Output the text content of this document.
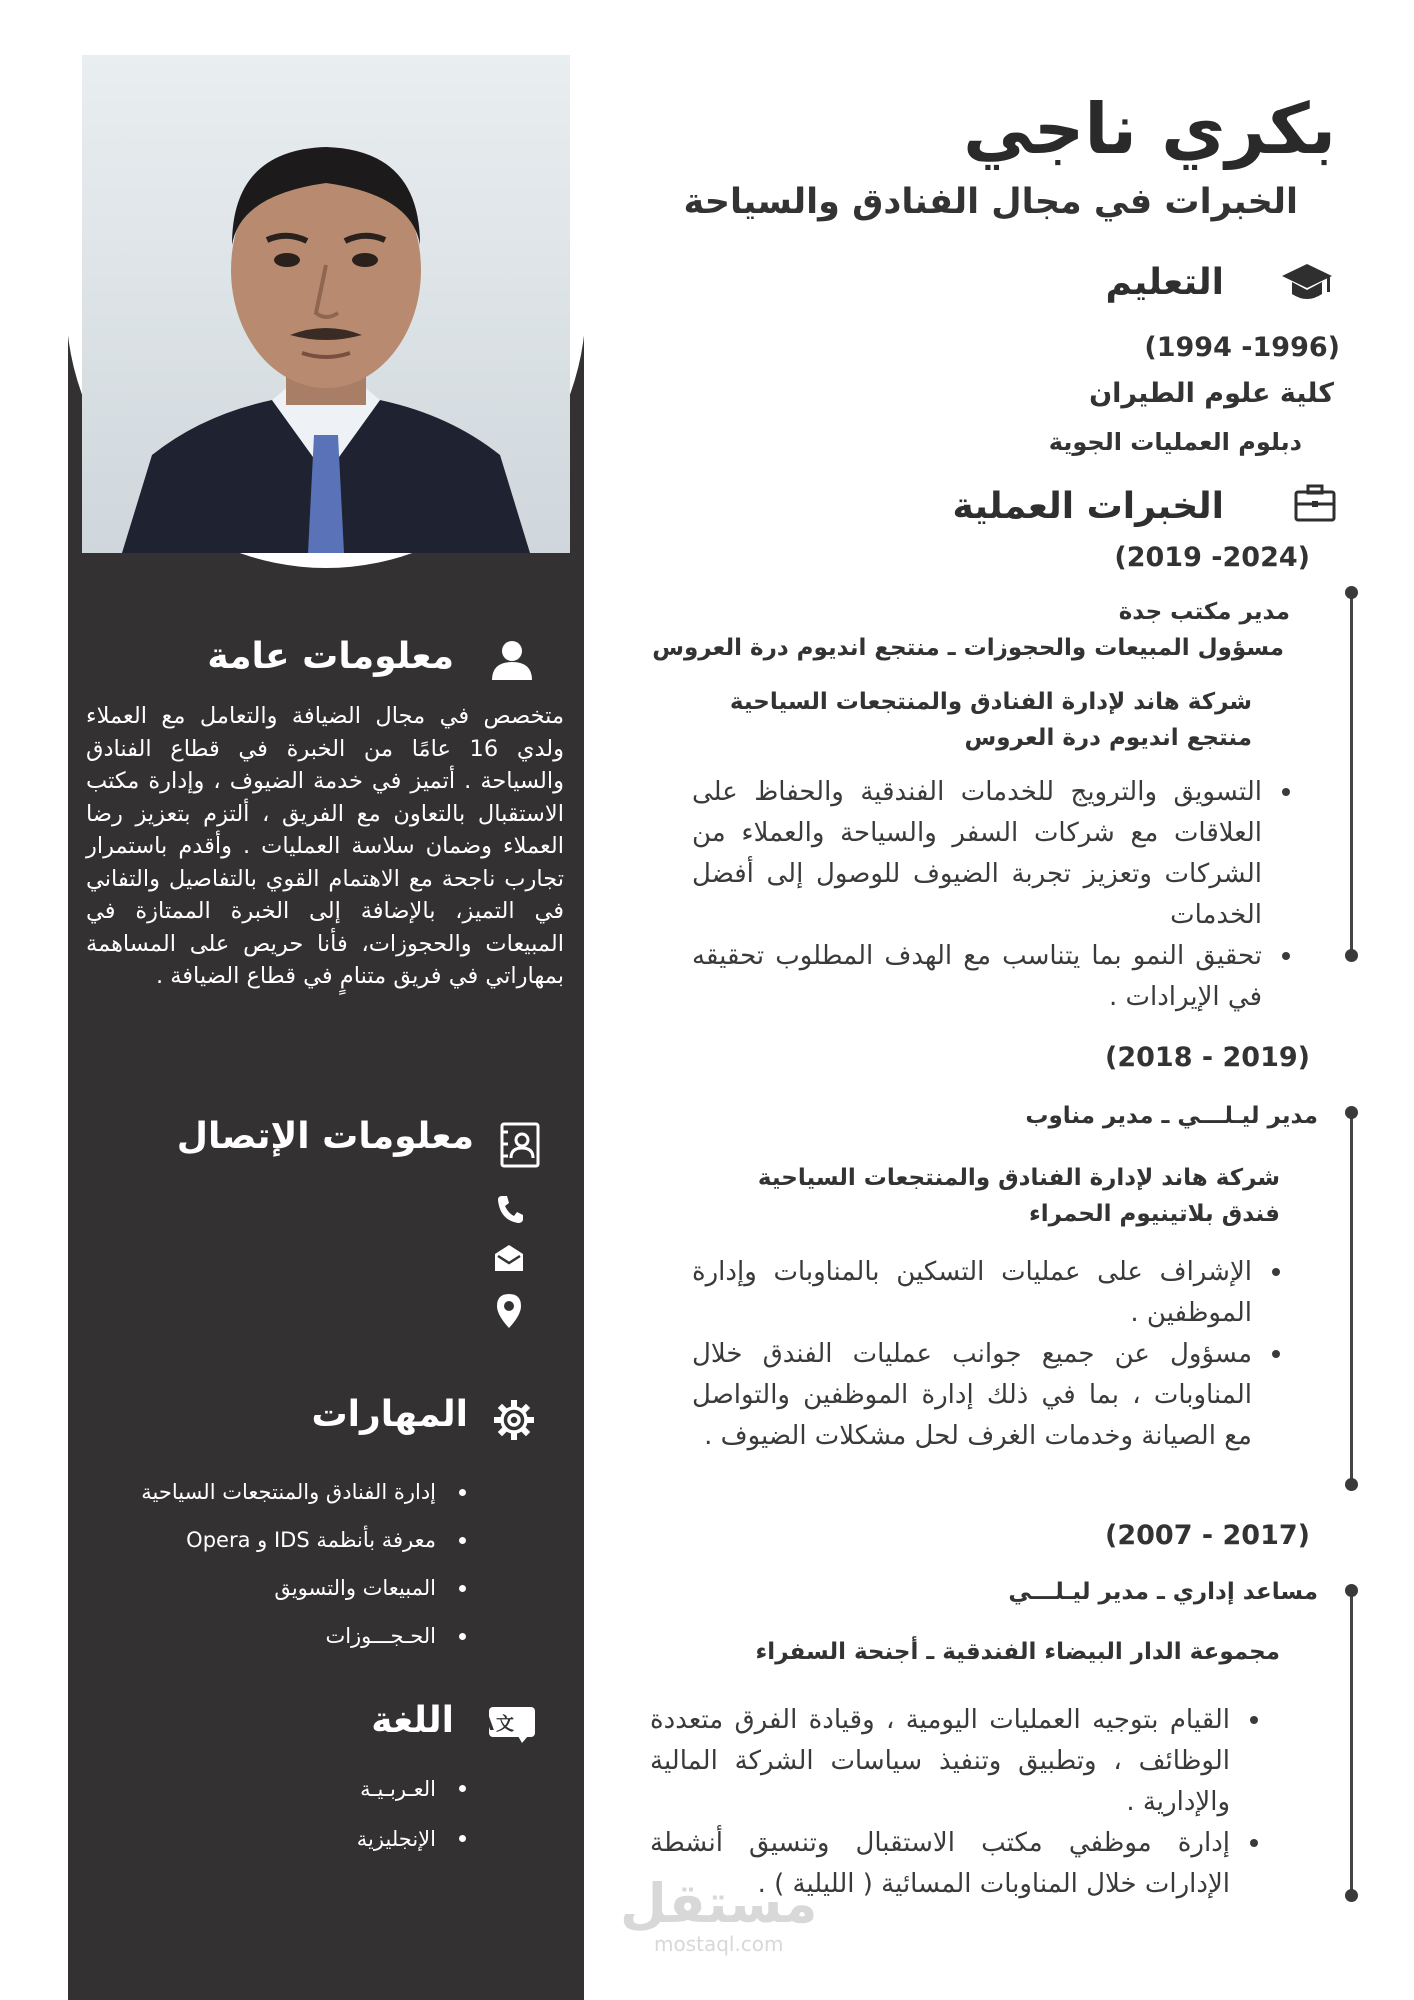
بكري ناجي
الخبرات في مجال الفنادق والسياحة
التعليم
(1996- 1994)
كلية علوم الطيران
دبلوم العمليات الجوية
الخبرات العملية
(2024- 2019)
مدير مكتب جدة
مسؤول المبيعات والحجوزات ـ منتجع انديوم درة العروس
شركة هاند لإدارة الفنادق والمنتجعات السياحية
منتجع انديوم درة العروس
التسويق والترويج للخدمات الفندقية والحفاظ على العلاقات مع شركات السفر والسياحة والعملاء من الشركات وتعزيز تجربة الضيوف للوصول إلى أفضل الخدمات
تحقيق النمو بما يتناسب مع الهدف المطلوب تحقيقه في الإيرادات .
(2019 - 2018)
مدير ليـلـــي ـ مدير مناوب
شركة هاند لإدارة الفنادق والمنتجعات السياحية
فندق بلاتينيوم الحمراء
الإشراف على عمليات التسكين بالمناوبات وإدارة الموظفين .
مسؤول عن جميع جوانب عمليات الفندق خلال المناوبات ، بما في ذلك إدارة الموظفين والتواصل مع الصيانة وخدمات الغرف لحل مشكلات الضيوف .
(2017 - 2007)
مساعد إداري ـ مدير ليـلـــي
مجموعة الدار البيضاء الفندقية ـ أجنحة السفراء
القيام بتوجيه العمليات اليومية ، وقيادة الفرق متعددة الوظائف ، وتطبيق وتنفيذ سياسات الشركة المالية والإدارية .
إدارة موظفي مكتب الاستقبال وتنسيق أنشطة الإدارات خلال المناوبات المسائية ( الليلية ) .
معلومات عامة
متخصص في مجال الضيافة والتعامل مع العملاء ولدي 16 عامًا من الخبرة في قطاع الفنادق والسياحة . أتميز في خدمة الضيوف ، وإدارة مكتب الاستقبال بالتعاون مع الفريق ، ألتزم بتعزيز رضا العملاء وضمان سلاسة العمليات . وأقدم باستمرار تجارب ناجحة مع الاهتمام القوي بالتفاصيل والتفاني في التميز، بالإضافة إلى الخبرة الممتازة في المبيعات والحجوزات، فأنا حريص على المساهمة بمهاراتي في فريق متنامٍ في قطاع الضيافة .
معلومات الإتصال
المهارات
إدارة الفنادق والمنتجعات السياحية
معرفة بأنظمة IDS و Opera
المبيعات والتسويق
الحـجـــوزات
A 文
اللغة
العـربـيـة
الإنجليزية
مستقل
mostaql.com
